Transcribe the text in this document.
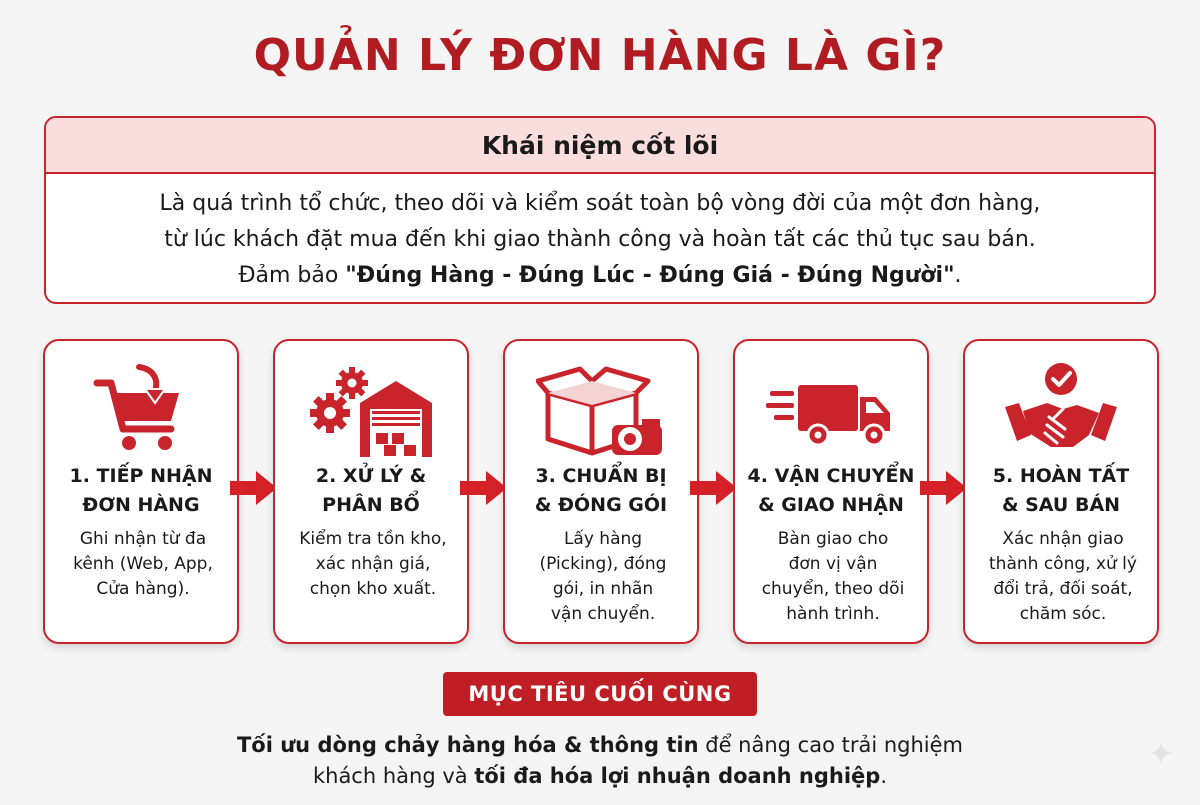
QUẢN LÝ ĐƠN HÀNG LÀ GÌ?
Khái niệm cốt lõi
Là quá trình tổ chức, theo dõi và kiểm soát toàn bộ vòng đời của một đơn hàng,
từ lúc khách đặt mua đến khi giao thành công và hoàn tất các thủ tục sau bán.
Đảm bảo "Đúng Hàng - Đúng Lúc - Đúng Giá - Đúng Người".
1. TIẾP NHẬN
ĐƠN HÀNG
Ghi nhận từ đa
kênh (Web, App,
Cửa hàng).
2. XỬ LÝ &
PHÂN BỔ
Kiểm tra tồn kho,
xác nhận giá,
chọn kho xuất.
3. CHUẨN BỊ
& ĐÓNG GÓI
Lấy hàng
(Picking), đóng
gói, in nhãn
vận chuyển.
4. VẬN CHUYỂN
& GIAO NHẬN
Bàn giao cho
đơn vị vận
chuyển, theo dõi
hành trình.
5. HOÀN TẤT
& SAU BÁN
Xác nhận giao
thành công, xử lý
đổi trả, đối soát,
chăm sóc.
MỤC TIÊU CUỐI CÙNG
Tối ưu dòng chảy hàng hóa & thông tin để nâng cao trải nghiệm
khách hàng và tối đa hóa lợi nhuận doanh nghiệp.
